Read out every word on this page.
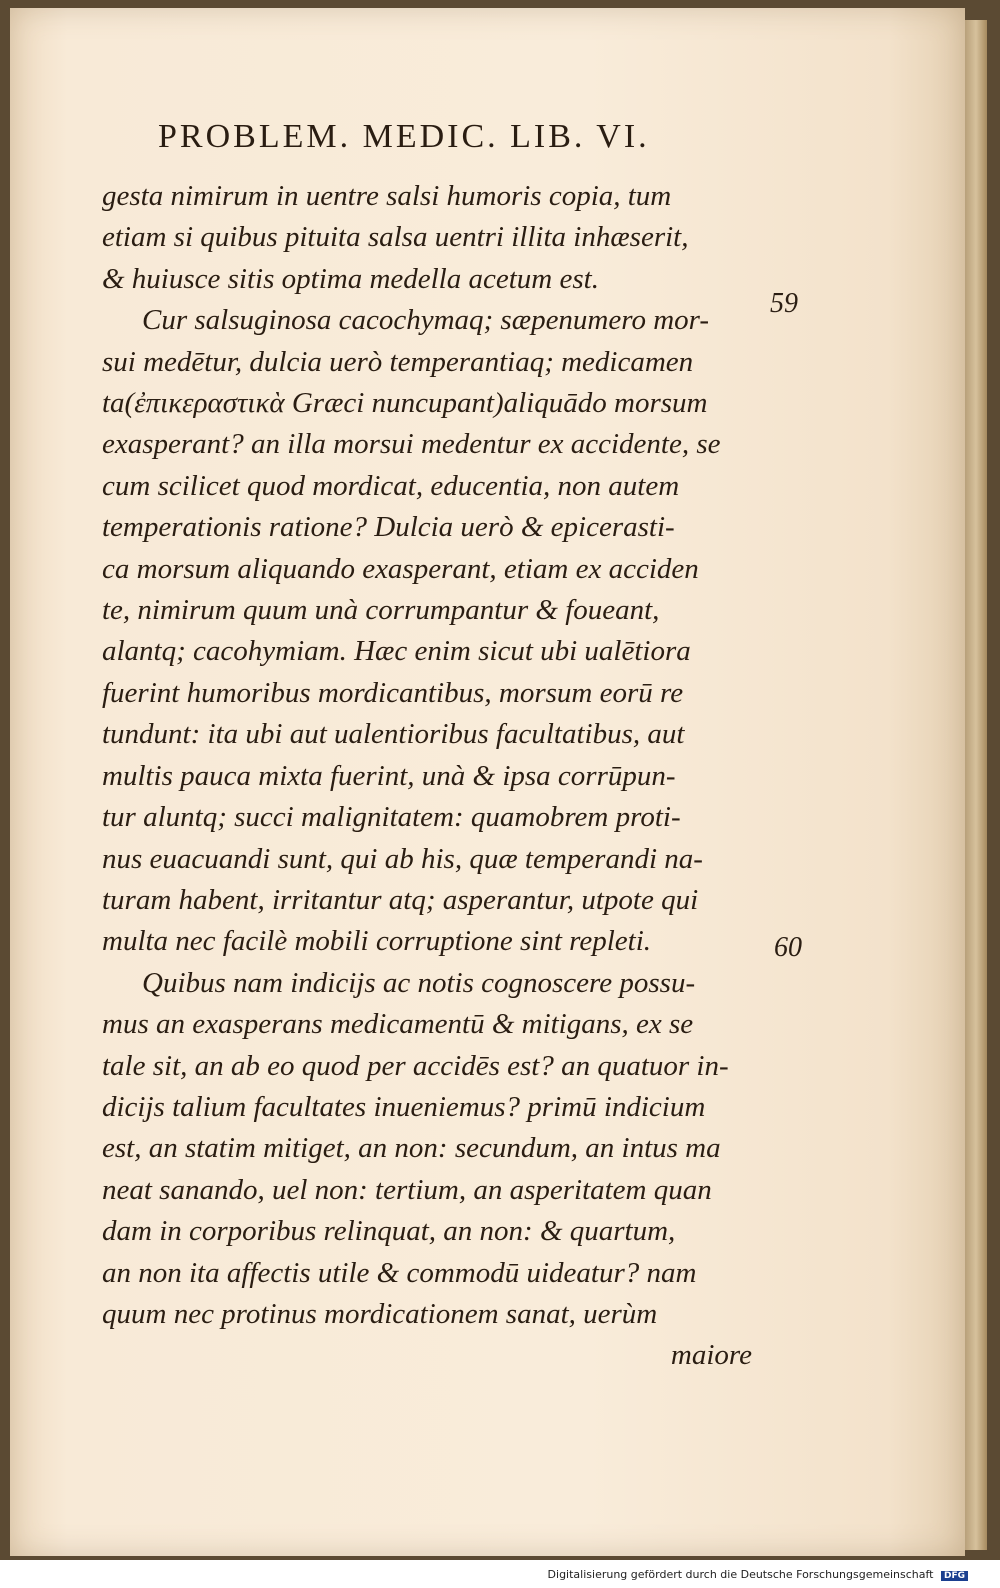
PROBLEM. MEDIC. LIB. VI.
gesta nimirum in uentre salsi humoris copia, tum
etiam si quibus pituita salsa uentri illita inhæserit,
& huiusce sitis optima medella acetum est.
Cur salsuginosa cacochymaq; sæpenumero mor-
sui medētur, dulcia uerò temperantiaq; medicamen
ta(ἐπικεραστικὰ Græci nuncupant)aliquādo morsum
exasperant? an illa morsui medentur ex accidente, se
cum scilicet quod mordicat, educentia, non autem
temperationis ratione? Dulcia uerò & epicerasti-
ca morsum aliquando exasperant, etiam ex acciden
te, nimirum quum unà corrumpantur & foueant,
alantq; cacohymiam. Hæc enim sicut ubi ualētiora
fuerint humoribus mordicantibus, morsum eorū re
tundunt: ita ubi aut ualentioribus facultatibus, aut
multis pauca mixta fuerint, unà & ipsa corrūpun-
tur aluntq; succi malignitatem: quamobrem proti-
nus euacuandi sunt, qui ab his, quæ temperandi na-
turam habent, irritantur atq; asperantur, utpote qui
multa nec facilè mobili corruptione sint repleti.
Quibus nam indicijs ac notis cognoscere possu-
mus an exasperans medicamentū & mitigans, ex se
tale sit, an ab eo quod per accidēs est? an quatuor in-
dicijs talium facultates inueniemus? primū indicium
est, an statim mitiget, an non: secundum, an intus ma
neat sanando, uel non: tertium, an asperitatem quan
dam in corporibus relinquat, an non: & quartum,
an non ita affectis utile & commodū uideatur? nam
quum nec protinus mordicationem sanat, uerùm
maiore
59
60
Digitalisierung gefördert durch die Deutsche Forschungsgemeinschaft DFG
